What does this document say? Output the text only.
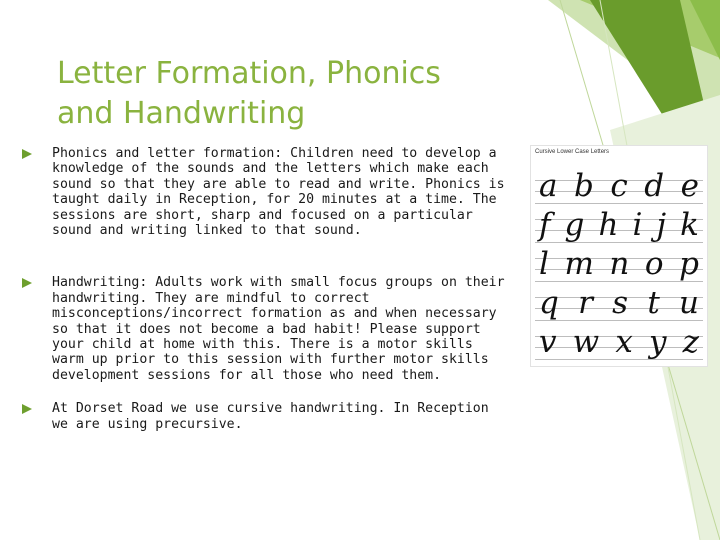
Letter Formation, Phonics and Handwriting
Phonics and letter formation: Children need to develop a knowledge of the sounds and the letters which make each sound so that they are able to read and write. Phonics is taught daily in Reception, for 20 minutes at a time. The sessions are short, sharp and focused on a particular sound and writing linked to that sound.
Handwriting: Adults work with small focus groups on their handwriting. They are mindful to correct misconceptions/incorrect formation as and when necessary so that it does not become a bad habit! Please support your child at home with this. There is a motor skills warm up prior to this session with further motor skills development sessions for all those who need them.
At Dorset Road we use cursive handwriting. In Reception we are using precursive.
Cursive Lower Case Letters
a b c d e
f g h i j k
l m n o p
q r s t u
v w x y z
